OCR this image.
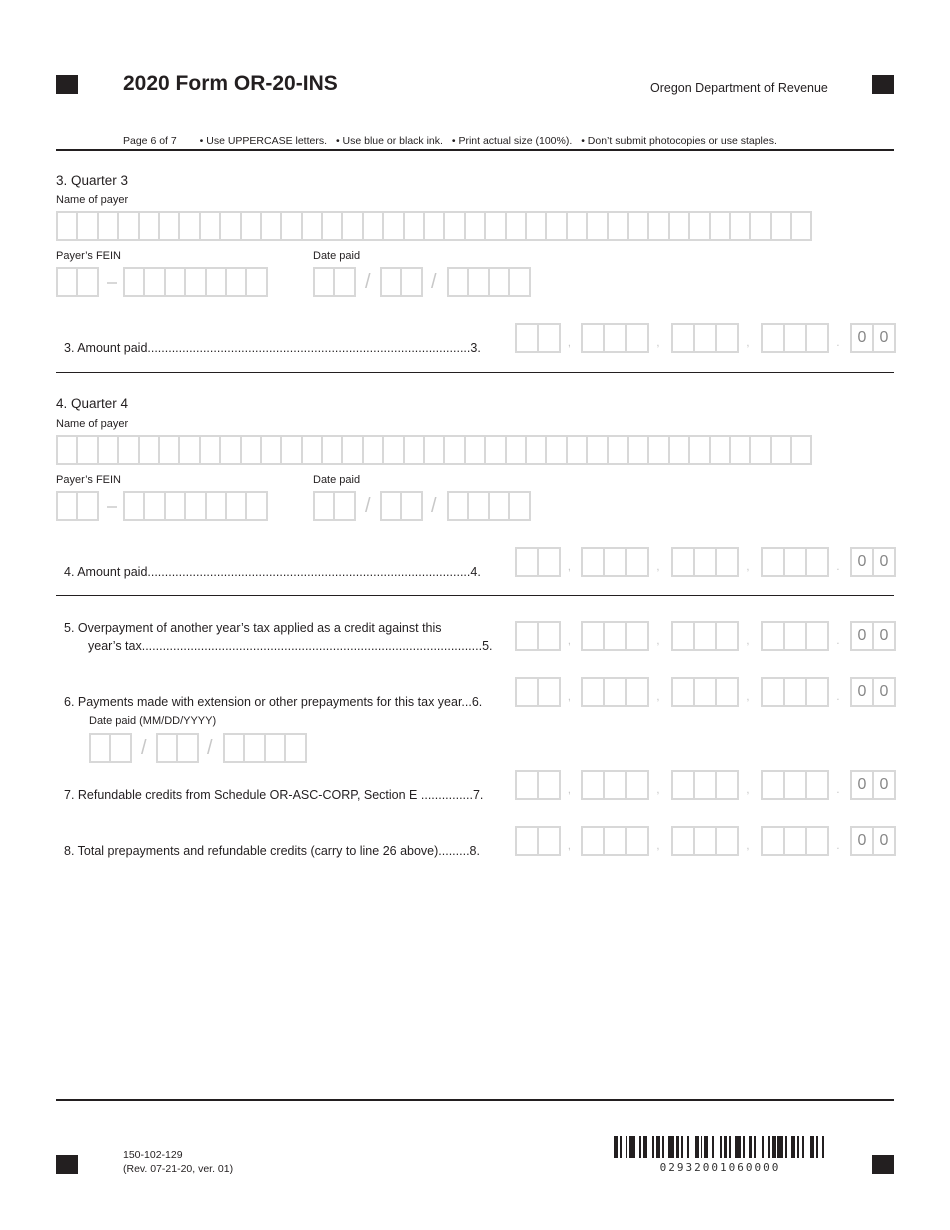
2020 Form OR-20-INS	Oregon Department of Revenue
Page 6 of 7 • Use UPPERCASE letters. • Use blue or black ink. • Print actual size (100%). • Don’t submit photocopies or use staples.
3. Quarter 3
Name of payer
Payer’s FEIN	Date paid
/	/
3. Amount paid.............................................................................................3.
4. Quarter 4
Name of payer
Payer’s FEIN	Date paid
/	/
4. Amount paid.............................................................................................4.
5. Overpayment of another year’s tax applied as a credit against this
year’s tax..................................................................................................5.
6. Payments made with extension or other prepayments for this tax year...6.
Date paid (MM/DD/YYYY)
/	/
7. Refundable credits from Schedule OR-ASC-CORP, Section E ...............7.
8. Total prepayments and refundable credits (carry to line 26 above).........8.
150-102-129
(Rev. 07-21-20, ver. 01)	02932001060000
,	,	,	.	0 0
,	,	,	.	0 0
,	,	,	.	0 0
,	,	,	.	0 0
,	,	,	.	0 0
,	,	,	.	0 0
